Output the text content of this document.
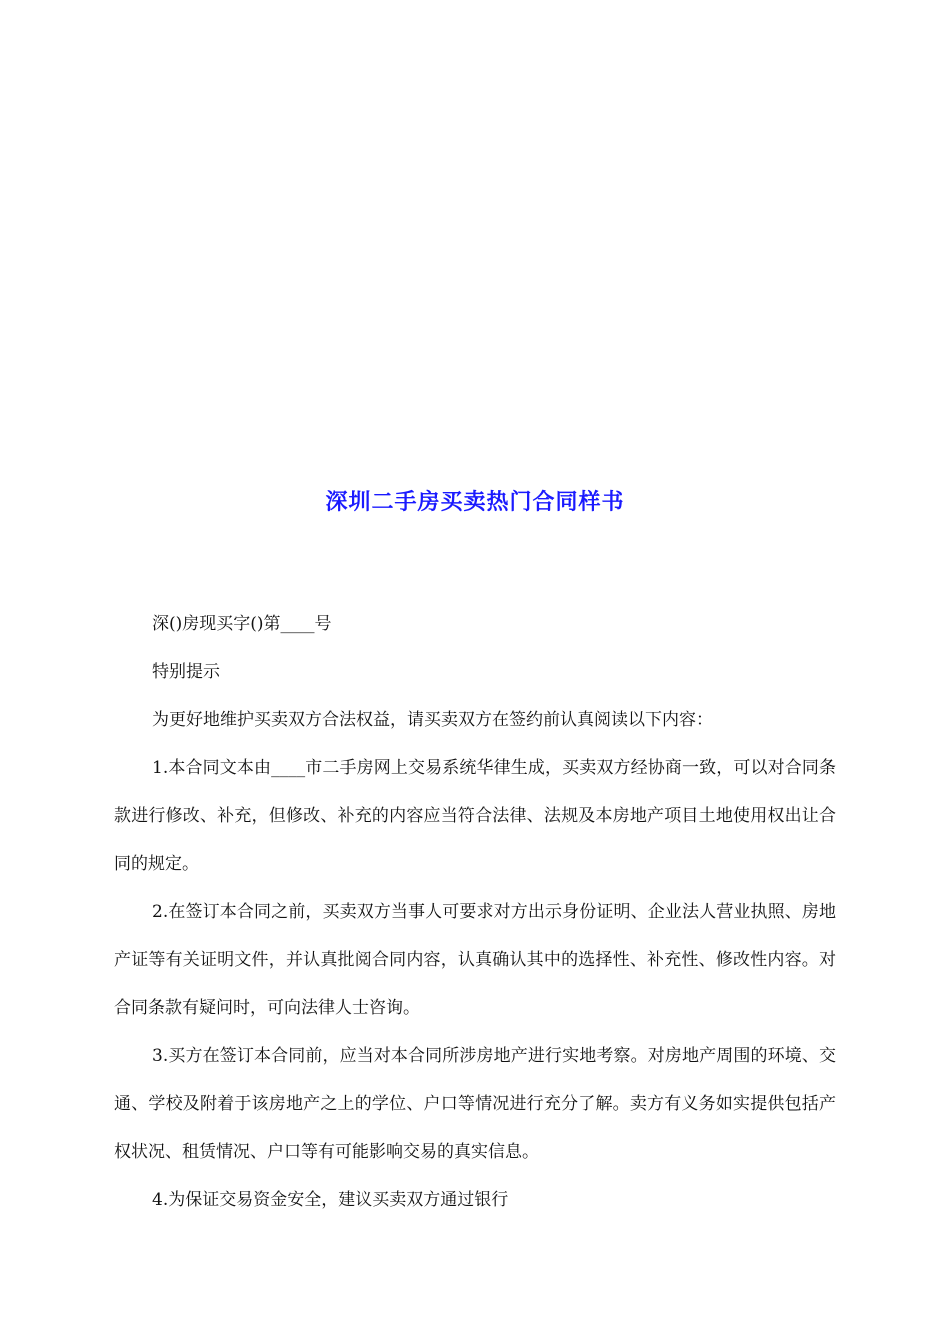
深圳二手房买卖热门合同样书

深()房现买字()第____号

特别提示

为更好地维护买卖双方合法权益，请买卖双方在签约前认真阅读以下内容：

1.本合同文本由____市二手房网上交易系统华律生成，买卖双方经协商一致，可以对合同条款进行修改、补充，但修改、补充的内容应当符合法律、法规及本房地产项目土地使用权出让合同的规定。

2.在签订本合同之前，买卖双方当事人可要求对方出示身份证明、企业法人营业执照、房地产证等有关证明文件，并认真批阅合同内容，认真确认其中的选择性、补充性、修改性内容。对合同条款有疑问时，可向法律人士咨询。

3.买方在签订本合同前，应当对本合同所涉房地产进行实地考察。对房地产周围的环境、交通、学校及附着于该房地产之上的学位、户口等情况进行充分了解。卖方有义务如实提供包括产权状况、租赁情况、户口等有可能影响交易的真实信息。

4.为保证交易资金安全，建议买卖双方通过银行
